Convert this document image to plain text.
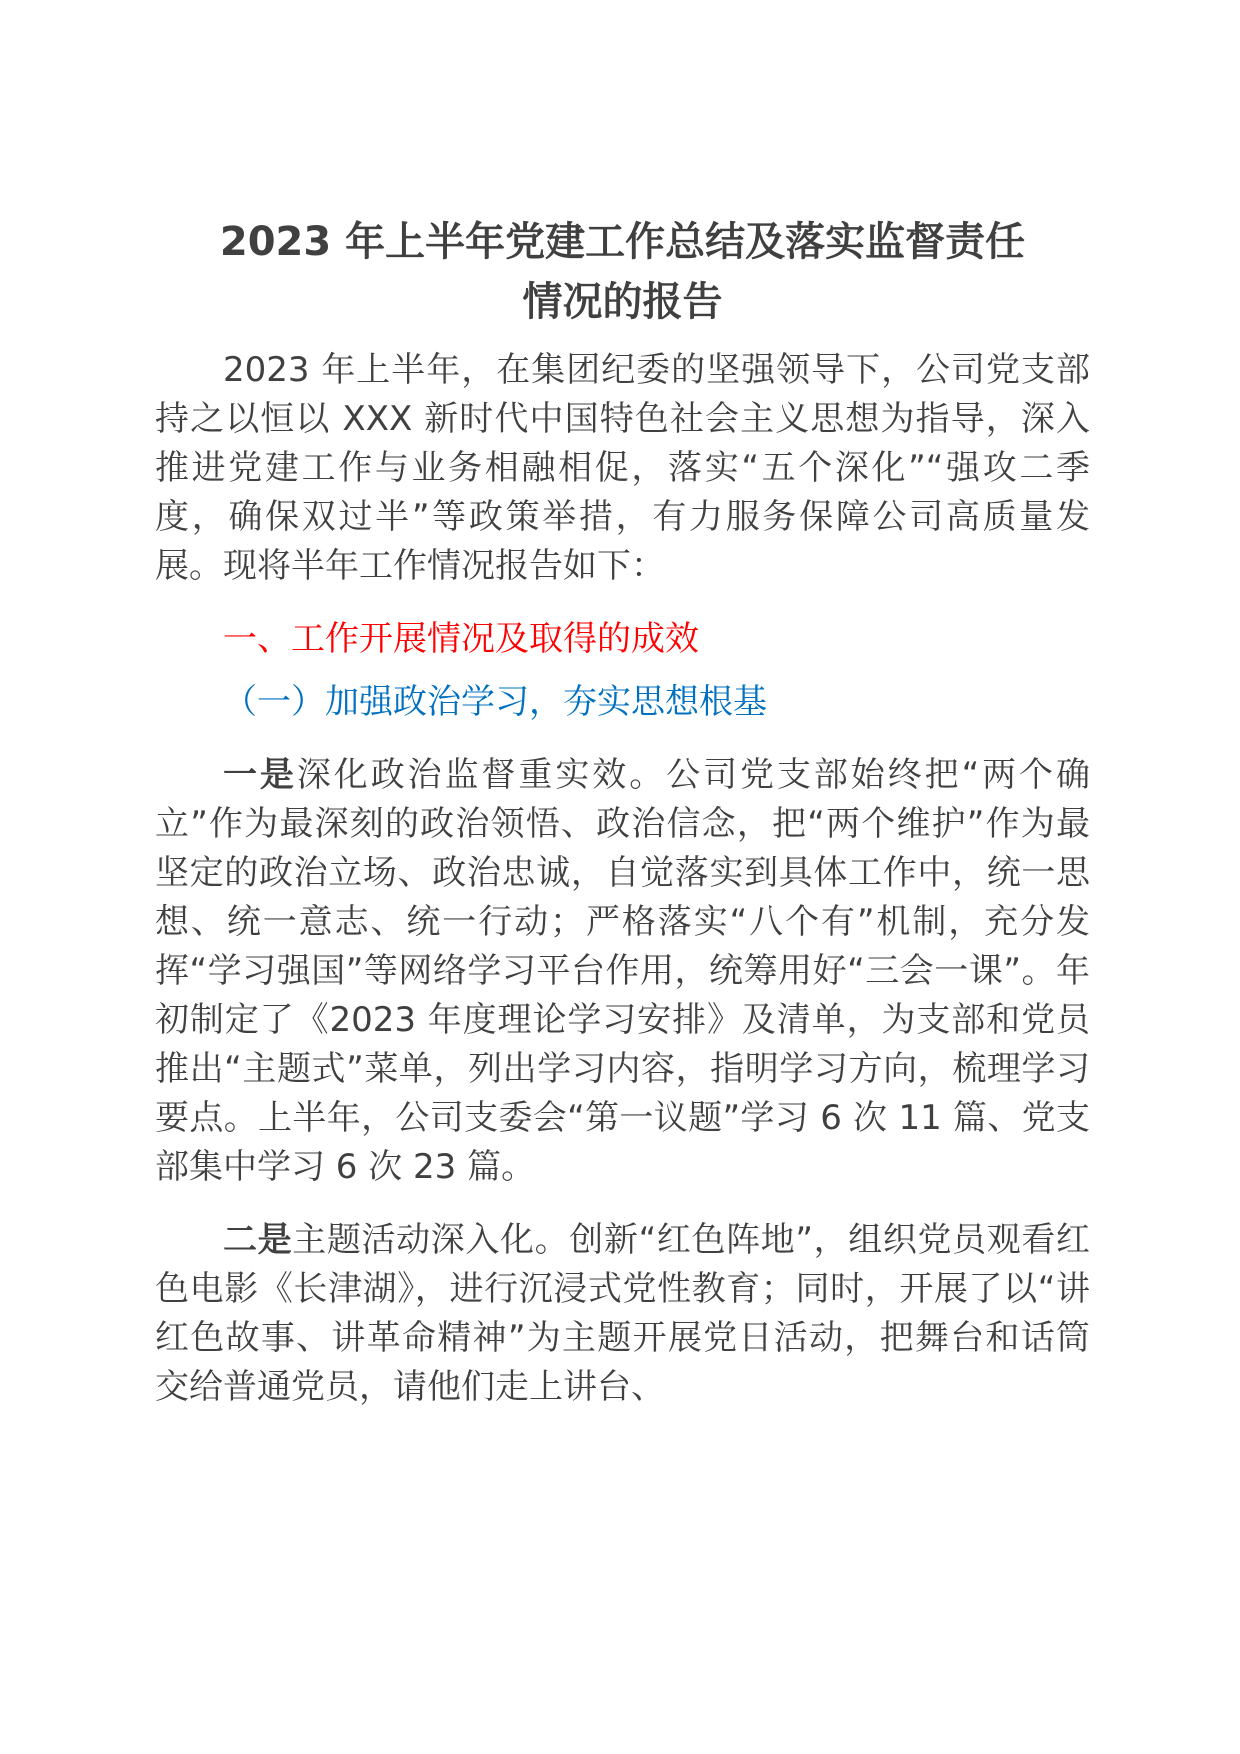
2023 年上半年党建工作总结及落实监督责任
情况的报告

2023 年上半年，在集团纪委的坚强领导下，公司党支部持之以恒以 XXX 新时代中国特色社会主义思想为指导，深入推进党建工作与业务相融相促，落实“五个深化”“强攻二季度，确保双过半”等政策举措，有力服务保障公司高质量发展。现将半年工作情况报告如下：

一、工作开展情况及取得的成效

（一）加强政治学习，夯实思想根基

一是深化政治监督重实效。公司党支部始终把“两个确立”作为最深刻的政治领悟、政治信念，把“两个维护”作为最坚定的政治立场、政治忠诚，自觉落实到具体工作中，统一思想、统一意志、统一行动；严格落实“八个有”机制，充分发挥“学习强国”等网络学习平台作用，统筹用好“三会一课”。年初制定了《2023 年度理论学习安排》及清单，为支部和党员推出“主题式”菜单，列出学习内容，指明学习方向，梳理学习要点。上半年，公司支委会“第一议题”学习 6 次 11 篇、党支部集中学习 6 次 23 篇。

二是主题活动深入化。创新“红色阵地”，组织党员观看红色电影《长津湖》，进行沉浸式党性教育；同时，开展了以“讲红色故事、讲革命精神”为主题开展党日活动，把舞台和话筒交给普通党员，请他们走上讲台、
